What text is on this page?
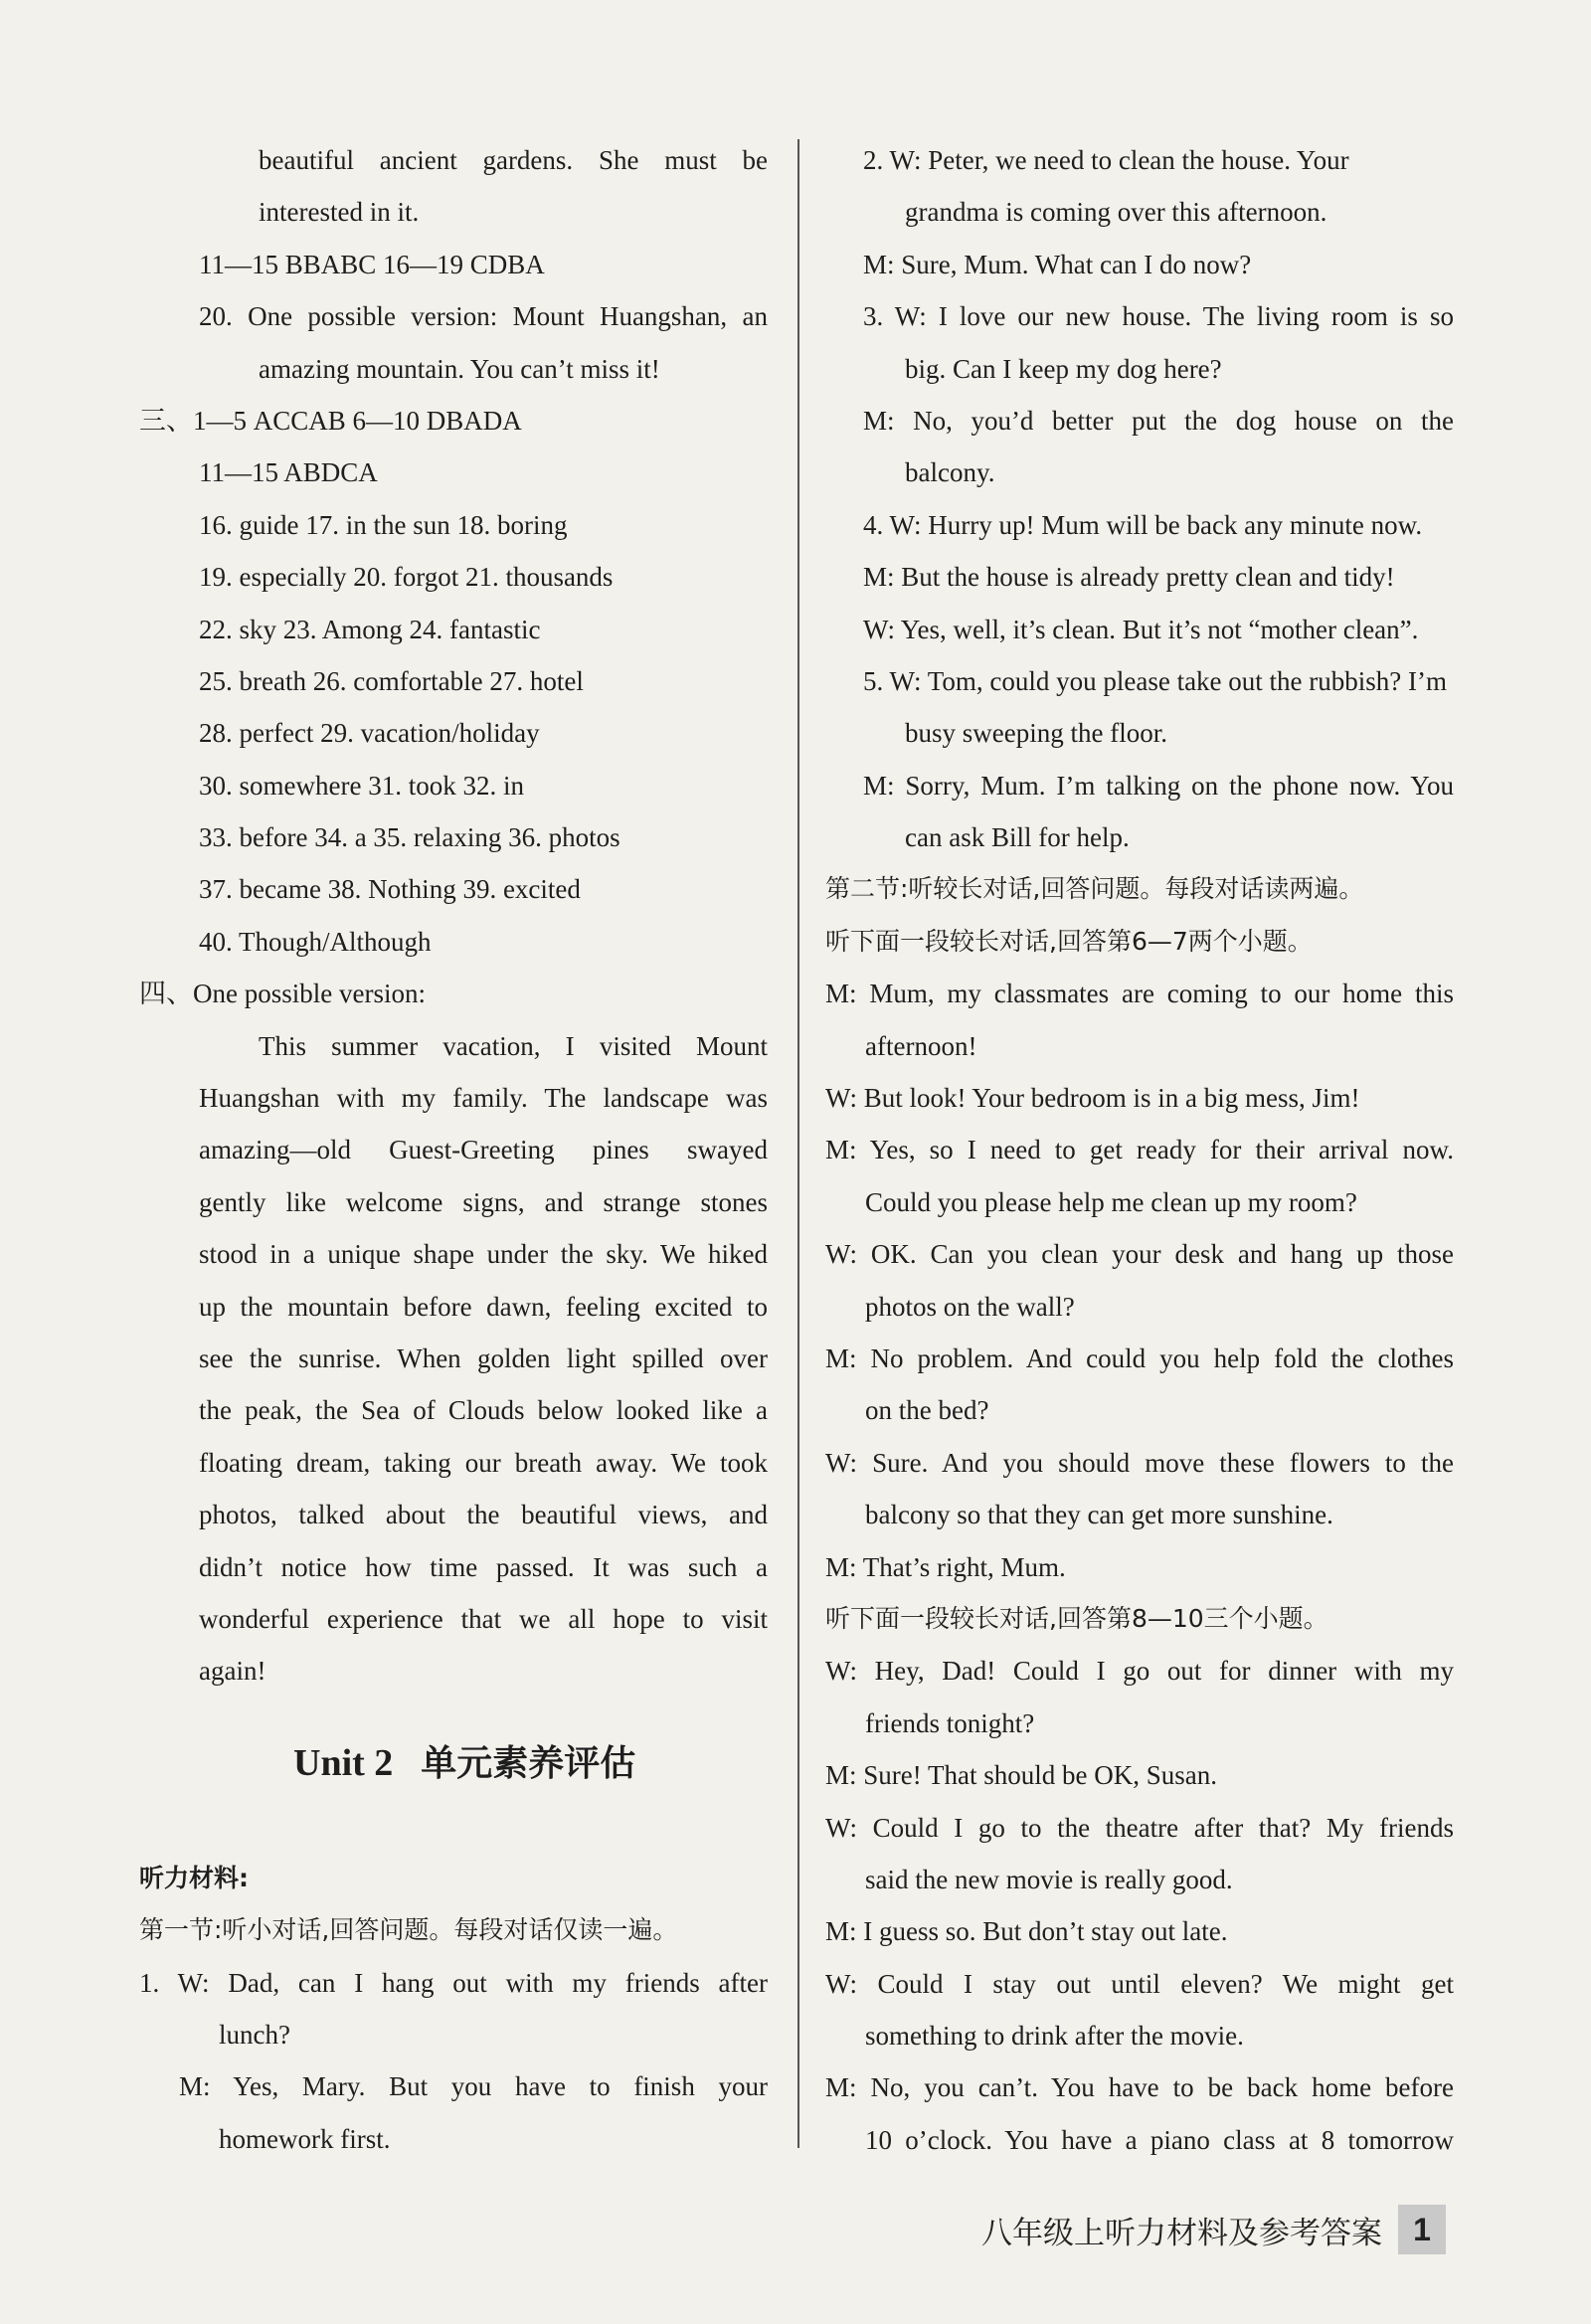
beautiful ancient gardens. She must be
interested in it.
11—15 BBABC 16—19 CDBA
20. One possible version: Mount Huangshan, an
amazing mountain. You can’t miss it!
三、1—5 ACCAB 6—10 DBADA
11—15 ABDCA
16. guide 17. in the sun 18. boring
19. especially 20. forgot 21. thousands
22. sky 23. Among 24. fantastic
25. breath 26. comfortable 27. hotel
28. perfect 29. vacation/holiday
30. somewhere 31. took 32. in
33. before 34. a 35. relaxing 36. photos
37. became 38. Nothing 39. excited
40. Though/Although
四、One possible version:
This summer vacation, I visited Mount
Huangshan with my family. The landscape was
amazing—old Guest-Greeting pines swayed
gently like welcome signs, and strange stones
stood in a unique shape under the sky. We hiked
up the mountain before dawn, feeling excited to
see the sunrise. When golden light spilled over
the peak, the Sea of Clouds below looked like a
floating dream, taking our breath away. We took
photos, talked about the beautiful views, and
didn’t notice how time passed. It was such a
wonderful experience that we all hope to visit
again!
Unit 2 单元素养评估
听力材料:
第一节:听小对话,回答问题。每段对话仅读一遍。
1. W: Dad, can I hang out with my friends after
lunch?
M: Yes, Mary. But you have to finish your
homework first.
2. W: Peter, we need to clean the house. Your
grandma is coming over this afternoon.
M: Sure, Mum. What can I do now?
3. W: I love our new house. The living room is so
big. Can I keep my dog here?
M: No, you’d better put the dog house on the
balcony.
4. W: Hurry up! Mum will be back any minute now.
M: But the house is already pretty clean and tidy!
W: Yes, well, it’s clean. But it’s not “mother clean”.
5. W: Tom, could you please take out the rubbish? I’m
busy sweeping the floor.
M: Sorry, Mum. I’m talking on the phone now. You
can ask Bill for help.
第二节:听较长对话,回答问题。每段对话读两遍。
听下面一段较长对话,回答第6—7两个小题。
M: Mum, my classmates are coming to our home this
afternoon!
W: But look! Your bedroom is in a big mess, Jim!
M: Yes, so I need to get ready for their arrival now.
Could you please help me clean up my room?
W: OK. Can you clean your desk and hang up those
photos on the wall?
M: No problem. And could you help fold the clothes
on the bed?
W: Sure. And you should move these flowers to the
balcony so that they can get more sunshine.
M: That’s right, Mum.
听下面一段较长对话,回答第8—10三个小题。
W: Hey, Dad! Could I go out for dinner with my
friends tonight?
M: Sure! That should be OK, Susan.
W: Could I go to the theatre after that? My friends
said the new movie is really good.
M: I guess so. But don’t stay out late.
W: Could I stay out until eleven? We might get
something to drink after the movie.
M: No, you can’t. You have to be back home before
10 o’clock. You have a piano class at 8 tomorrow
八年级上听力材料及参考答案 1
